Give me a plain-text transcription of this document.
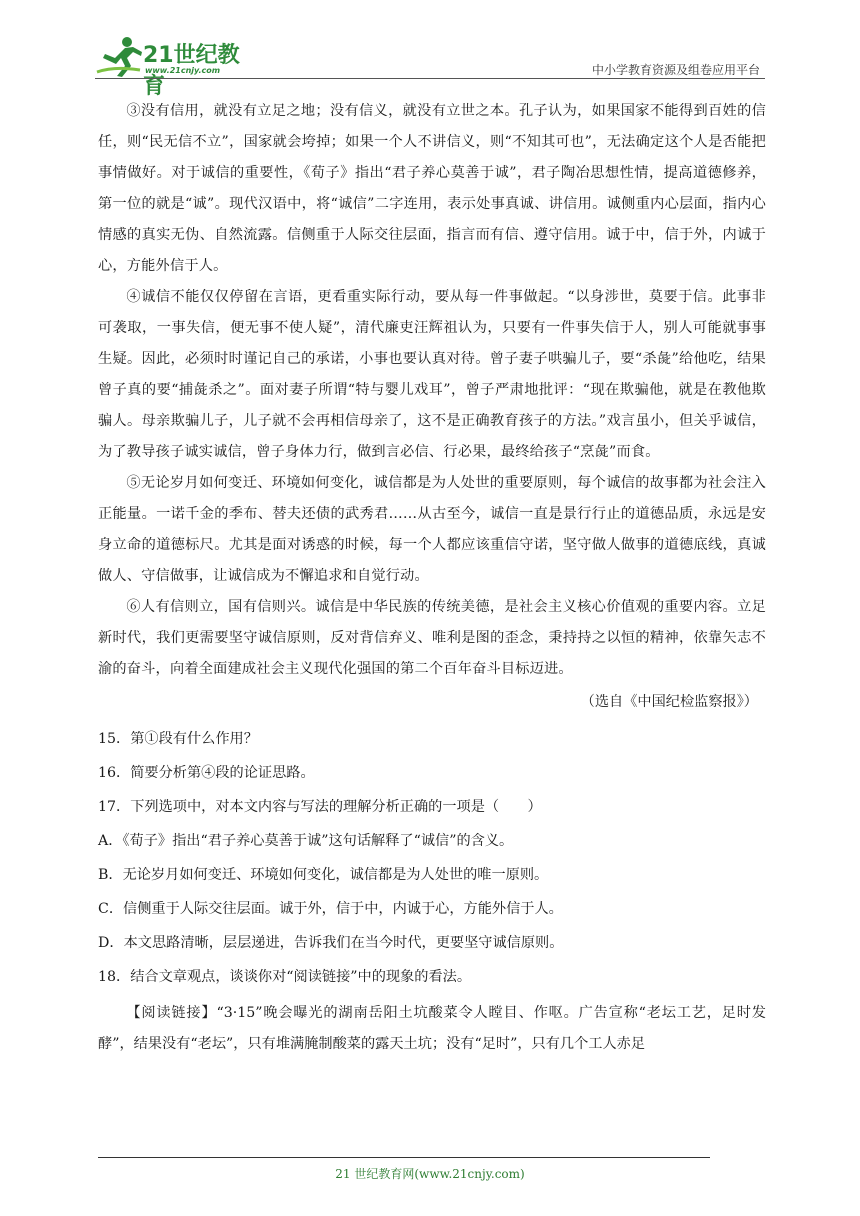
21世纪教育
www.21cnjy.com	中小学教育资源及组卷应用平台

③没有信用，就没有立足之地；没有信义，就没有立世之本。孔子认为，如果国家不能得到百姓的信任，则“民无信不立”，国家就会垮掉；如果一个人不讲信义，则“不知其可也”，无法确定这个人是否能把事情做好。对于诚信的重要性，《荀子》指出“君子养心莫善于诚”，君子陶冶思想性情，提高道德修养，第一位的就是“诚”。现代汉语中，将“诚信”二字连用，表示处事真诚、讲信用。诚侧重内心层面，指内心情感的真实无伪、自然流露。信侧重于人际交往层面，指言而有信、遵守信用。诚于中，信于外，内诚于心，方能外信于人。

④诚信不能仅仅停留在言语，更看重实际行动，要从每一件事做起。“以身涉世，莫要于信。此事非可袭取，一事失信，便无事不使人疑”，清代廉吏汪辉祖认为，只要有一件事失信于人，别人可能就事事生疑。因此，必须时时谨记自己的承诺，小事也要认真对待。曾子妻子哄骗儿子，要“杀彘”给他吃，结果曾子真的要“捕彘杀之”。面对妻子所谓“特与婴儿戏耳”，曾子严肃地批评：“现在欺骗他，就是在教他欺骗人。母亲欺骗儿子，儿子就不会再相信母亲了，这不是正确教育孩子的方法。”戏言虽小，但关乎诚信，为了教导孩子诚实诚信，曾子身体力行，做到言必信、行必果，最终给孩子“烹彘”而食。

⑤无论岁月如何变迁、环境如何变化，诚信都是为人处世的重要原则，每个诚信的故事都为社会注入正能量。一诺千金的季布、替夫还债的武秀君……从古至今，诚信一直是景行行止的道德品质，永远是安身立命的道德标尺。尤其是面对诱惑的时候，每一个人都应该重信守诺，坚守做人做事的道德底线，真诚做人、守信做事，让诚信成为不懈追求和自觉行动。

⑥人有信则立，国有信则兴。诚信是中华民族的传统美德，是社会主义核心价值观的重要内容。立足新时代，我们更需要坚守诚信原则，反对背信弃义、唯利是图的歪念，秉持持之以恒的精神，依靠矢志不渝的奋斗，向着全面建成社会主义现代化强国的第二个百年奋斗目标迈进。

（选自《中国纪检监察报》）

15．第①段有什么作用？

16．简要分析第④段的论证思路。

17．下列选项中，对本文内容与写法的理解分析正确的一项是（　　）

A．《荀子》指出“君子养心莫善于诚”这句话解释了“诚信”的含义。

B．无论岁月如何变迁、环境如何变化，诚信都是为人处世的唯一原则。

C．信侧重于人际交往层面。诚于外，信于中，内诚于心，方能外信于人。

D．本文思路清晰，层层递进，告诉我们在当今时代，更要坚守诚信原则。

18．结合文章观点，谈谈你对“阅读链接”中的现象的看法。

【阅读链接】“3·15”晚会曝光的湖南岳阳土坑酸菜令人瞠目、作呕。广告宣称“老坛工艺，足时发酵”，结果没有“老坛”，只有堆满腌制酸菜的露天土坑；没有“足时”，只有几个工人赤足

21 世纪教育网(www.21cnjy.com)
